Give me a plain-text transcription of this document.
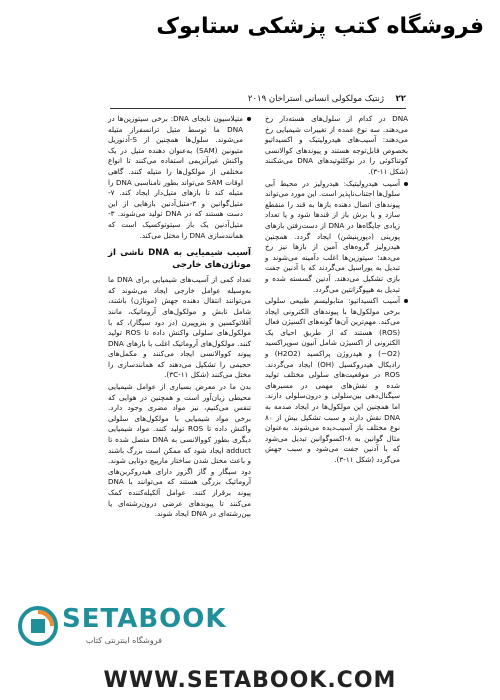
فروشگاه کتب پزشکی ستابوک
۲۲
ژنتیک مولکولی انسانی استراخان ۲۰۱۹

DNA در کدام از سلول‌های هسته‌دار رخ می‌دهند. سه نوع عمده از تغییرات شیمیایی رخ می‌دهند: آسیب‌های هیدرولیتیک و اکسیداتیو بخصوص قابل‌توجه هستند و پیوندهای کوالانسی کوتناکوئی را در نوکلئوتیدهای DNA می‌شکنند (شکل ۱۱-۳).

آسیب هیدرولیتیک: هیدرولیز در محیط آبی سلول‌ها اجتناب‌ناپذیر است. این مورد می‌تواند پیوندهای اتصال دهنده بازها به قند را منقطع سازد و یا برش باز از قندها شود و یا تعداد زیادی جایگاه‌ها در DNA از دست‌رفتن بازهای پورینی (دپورینیشن) ایجاد گردد. همچنین هیدرولیز گروه‌های آمین از بازها نیز رخ می‌دهد؛ سیتوزین‌ها اغلب دآمینه می‌شوند و تبدیل به یوراسیل می‌گردند که با آدنین جفت بازی تشکیل می‌دهند. آدنین گسسته شده و تبدیل به هیپوگزانتین می‌گردد.

آسیب اکسیداتیو: متابولیسم طبیعی سلولی برخی مولکول‌ها با پیوندهای الکترونی ایجاد می‌کند. مهم‌ترین آن‌ها گونه‌های اکسیژن فعال (ROS) هستند که از طریق احیای یک الکترونی از اکسیژن شامل آنیون سوپراکسید (O2−) و هیدروژن پراکسید (H2O2) و رادیکال هیدروکسیل (OH) ایجاد می‌گردند. ROS در موقعیت‌های سلولی مختلف تولید شده و نقش‌های مهمی در مسیرهای سیگنال‌دهی بین‌سلولی و درون‌سلولی دارند. اما همچنین این مولکول‌ها در ایجاد صدمه به DNA نقش دارند و سبب تشکیل بیش از ۸۰ نوع مختلف باز آسیب‌دیده می‌شوند. به‌عنوان مثال گوانین به ۸-اکسوگوانین تبدیل می‌شود که با آدنین جفت می‌شود و سبب جهش می‌گردد (شکل ۱۱-۳).

متیلاسیون نابجای DNA: برخی سیتوزین‌ها در DNA ما توسط متیل ترانسفراز متیله می‌شوند. سلول‌ها همچنین از S-آدنوزیل متیونین (SAM) به‌عنوان دهنده متیل در یک واکنش غیرآنزیمی استفاده می‌کنند تا انواع مختلفی از مولکول‌ها را متیله کنند. گاهی اوقات SAM می‌تواند بطور نامناسبی DNA را متیله کند تا بازهای متیل‌دار ایجاد کند. ۷-متیل‌گوانین و ۳-متیل‌آدنین بازهایی از این دست هستند که در DNA تولید می‌شوند. ۳-متیل‌آدنین یک باز سیتوتوکسیک است که همانندسازی DNA را مختل می‌کند.

آسیب شیمیایی به DNA ناشی از موتاژن‌های خارجی

تعداد کمی از آسیب‌های شیمیایی برای DNA ما به‌وسیله عوامل خارجی ایجاد می‌شوند که می‌توانند انتقال دهنده جهش (موتاژن) باشند، شامل تابش و مولکول‌های آروماتیک، مانند آفلاتوکسین و بنزوپیرن (در دود سیگار)، که با مولکول‌های سلولی واکنش داده تا ROS تولید کنند. مولکول‌های آروماتیک اغلب با بازهای DNA پیوند کووالانسی ایجاد می‌کنند و مکمل‌های حجیمی را تشکیل می‌دهند که همانندسازی را مختل می‌کنند (شکل ۱۱-۳C).

بدن ما در معرض بسیاری از عوامل شیمیایی محیطی زیان‌آور است و همچنین در هوایی که تنفس می‌کنیم، نیز مواد مضری وجود دارد. برخی مواد شیمیایی با مولکول‌های سلولی واکنش داده تا ROS تولید کنند. مواد شیمیایی دیگری بطور کووالانسی به DNA متصل شده تا adduct ایجاد شود که ممکن است بزرگ باشند و باعث مختل شدن ساختار مارپیچ دوتایی شوند. دود سیگار و گاز اگزوز دارای هیدروکربن‌های آروماتیک بزرگی هستند که می‌توانند با DNA پیوند برقرار کنند. عوامل آلکیله‌کننده کمک می‌کنند تا پیوندهای عرضی درون‌رشته‌ای یا بین‌رشته‌ای در DNA ایجاد شوند.

SETABOOK
فروشگاه اینترنتی کتاب
WWW.SETABOOK.COM
